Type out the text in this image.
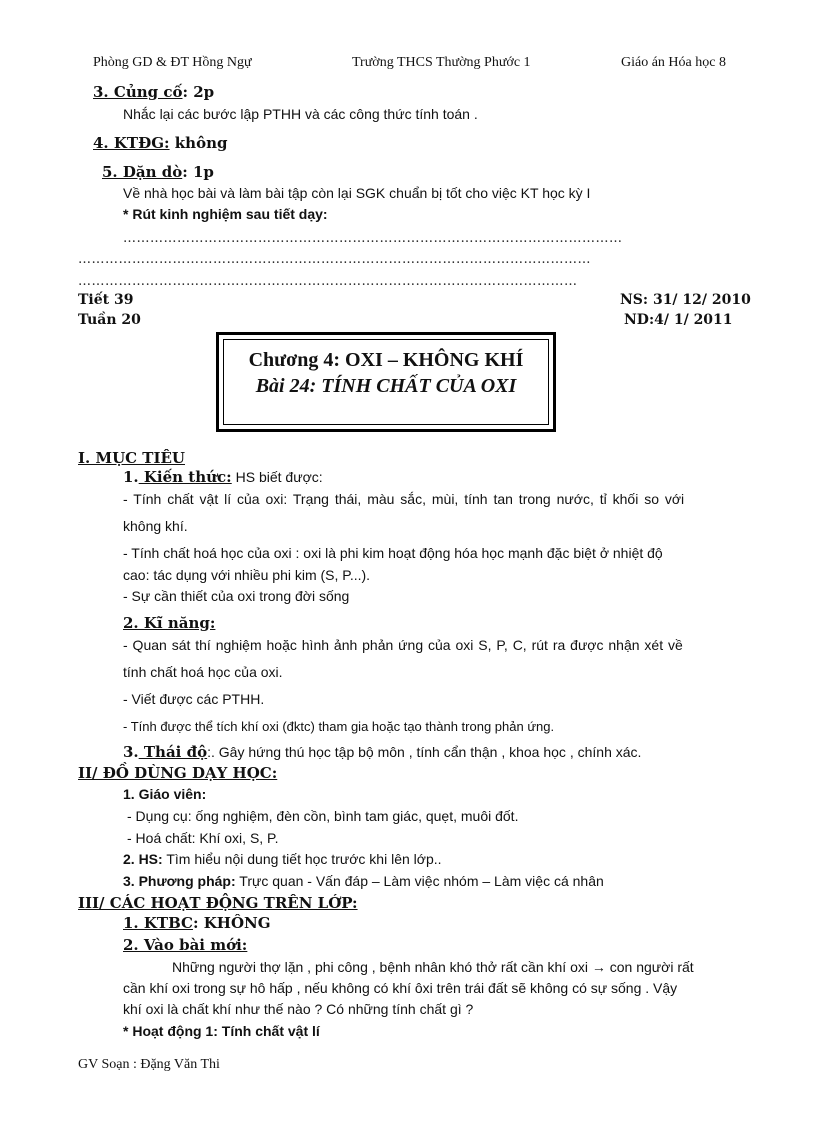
Phòng GD & ĐT Hồng Ngự	Trường THCS Thường Phước 1	Giáo án Hóa học 8
3. Củng cố: 2p
Nhắc lại các bước lập PTHH và các công thức tính toán .
4. KTĐG: không
5. Dặn dò: 1p
Về nhà học bài và làm bài tập còn lại SGK chuẩn bị tốt cho việc KT học kỳ I
* Rút kinh nghiệm sau tiết dạy:
…………………………………………………………………………………………………
……………………………………………………………………………………………………
…………………………………………………………………………………………………
Tiết 39
Tuần 20
NS: 31/ 12/ 2010
ND:4/ 1/ 2011
Chương 4: OXI – KHÔNG KHÍ
Bài 24: TÍNH CHẤT CỦA OXI
I. MỤC TIÊU
1. Kiến thức: HS biết được:
- Tính chất vật lí của oxi: Trạng thái, màu sắc, mùi, tính tan trong nước, tỉ khối so với
không khí.
- Tính chất hoá học của oxi : oxi là phi kim hoạt động hóa học mạnh đặc biệt ở nhiệt độ
cao: tác dụng với nhiều phi kim (S, P...).
- Sự cần thiết của oxi trong đời sống
2. Kĩ năng:
- Quan sát thí nghiệm hoặc hình ảnh phản ứng của oxi S, P, C, rút ra được nhận xét về
tính chất hoá học của oxi.
- Viết được các PTHH.
- Tính được thể tích khí oxi (đktc) tham gia hoặc tạo thành trong phản ứng.
3. Thái độ:. Gây hứng thú học tập bộ môn , tính cẩn thận , khoa học , chính xác.
II/ ĐỒ DÙNG DẠY HỌC:
1. Giáo viên:
- Dụng cụ: ống nghiệm, đèn cồn, bình tam giác, quẹt, muôi đốt.
- Hoá chất: Khí oxi, S, P.
2. HS: Tìm hiểu nội dung tiết học trước khi lên lớp..
3. Phương pháp: Trực quan - Vấn đáp – Làm việc nhóm – Làm việc cá nhân
III/ CÁC HOẠT ĐỘNG TRÊN LỚP:
1. KTBC: KHÔNG
2. Vào bài mới:
Những người thợ lặn , phi công , bệnh nhân khó thở rất cần khí oxi → con người rất
cần khí oxi trong sự hô hấp , nếu không có khí ôxi trên trái đất sẽ không có sự sống . Vậy
khí oxi là chất khí như thế nào ? Có những tính chất gì ?
* Hoạt động 1: Tính chất vật lí
GV Soạn : Đặng Văn Thi
